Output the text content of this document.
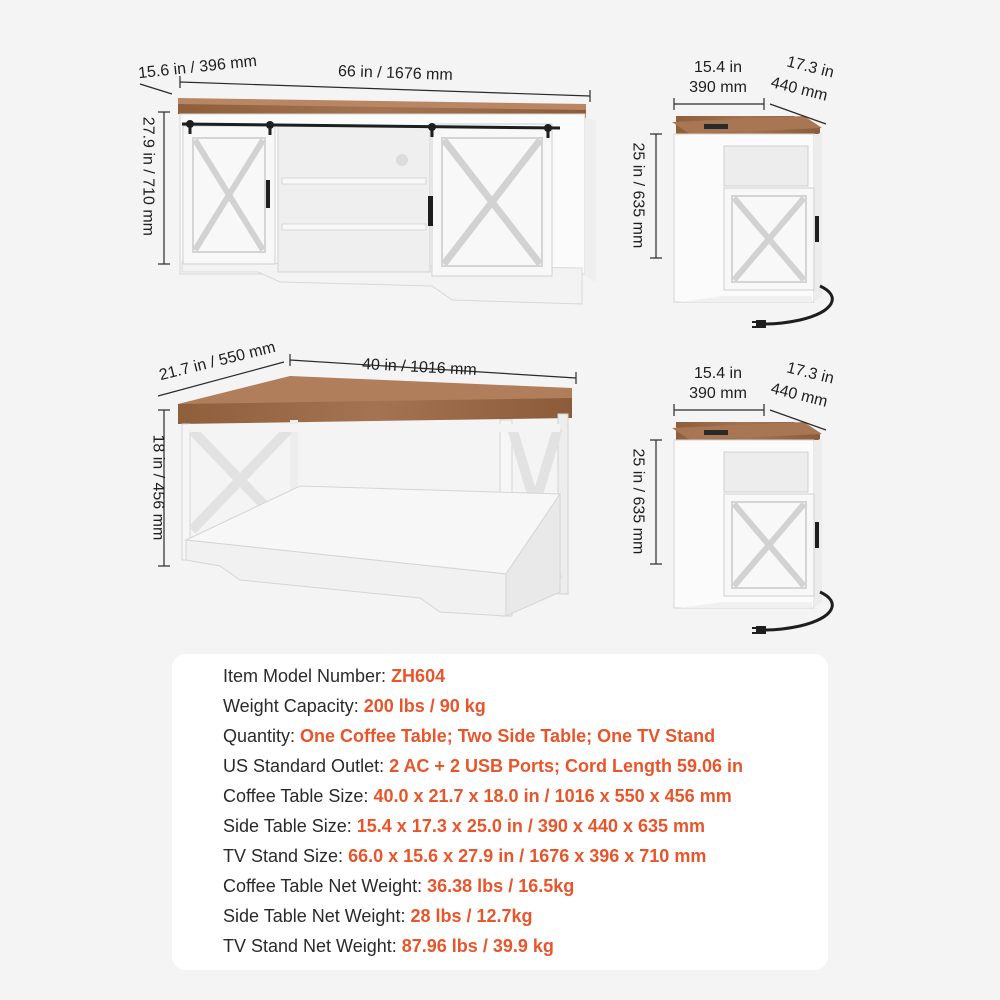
15.6 in / 396 mm	66 in / 1676 mm
27.9 in / 710 mm
15.4 in
390 mm
17.3 in
440 mm
25 in / 635 mm
21.7 in / 550 mm	40 in / 1016 mm
18 in / 456 mm
15.4 in
390 mm
17.3 in
440 mm
25 in / 635 mm
Item Model Number: ZH604
Weight Capacity: 200 lbs / 90 kg
Quantity: One Coffee Table; Two Side Table; One TV Stand
US Standard Outlet: 2 AC + 2 USB Ports; Cord Length 59.06 in
Coffee Table Size: 40.0 x 21.7 x 18.0 in / 1016 x 550 x 456 mm
Side Table Size: 15.4 x 17.3 x 25.0 in / 390 x 440 x 635 mm
TV Stand Size: 66.0 x 15.6 x 27.9 in / 1676 x 396 x 710 mm
Coffee Table Net Weight: 36.38 lbs / 16.5kg
Side Table Net Weight: 28 lbs / 12.7kg
TV Stand Net Weight: 87.96 lbs / 39.9 kg
